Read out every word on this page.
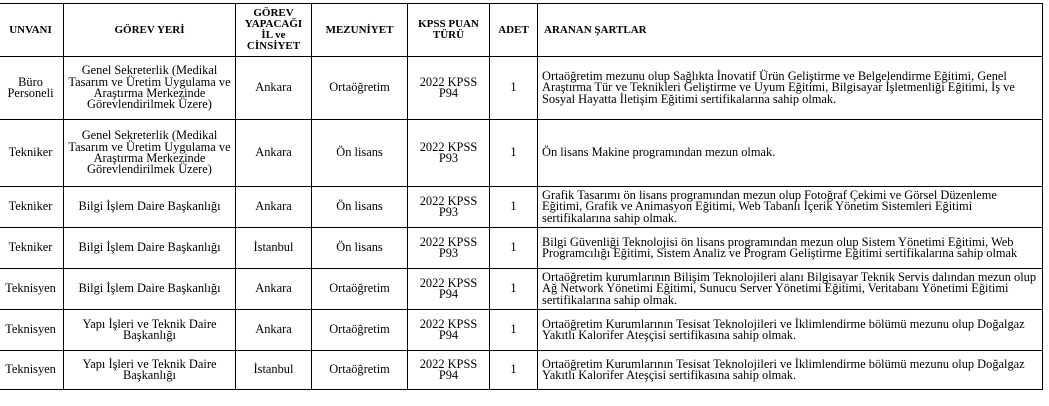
UNVANI	GÖREV YERİ	GÖREV YAPACAĞI İL ve CİNSİYET	MEZUNİYET	KPSS PUAN TÜRÜ	ADET	ARANAN ŞARTLAR
Büro Personeli	Genel Sekreterlik (Medikal Tasarım ve Üretim Uygulama ve Araştırma Merkezinde Görevlendirilmek Üzere)	Ankara	Ortaöğretim	2022 KPSS P94	1	Ortaöğretim mezunu olup Sağlıkta İnovatif Ürün Geliştirme ve Belgelendirme Eğitimi, Genel Araştırma Tür ve Teknikleri Geliştirme ve Uyum Eğitimi, Bilgisayar İşletmenliği Eğitimi, İş ve Sosyal Hayatta İletişim Eğitimi sertifikalarına sahip olmak.
Tekniker	Genel Sekreterlik (Medikal Tasarım ve Üretim Uygulama ve Araştırma Merkezinde Görevlendirilmek Üzere)	Ankara	Ön lisans	2022 KPSS P93	1	Ön lisans Makine programından mezun olmak.
Tekniker	Bilgi İşlem Daire Başkanlığı	Ankara	Ön lisans	2022 KPSS P93	1	Grafik Tasarımı ön lisans programından mezun olup Fotoğraf Çekimi ve Görsel Düzenleme Eğitimi, Grafik ve Animasyon Eğitimi, Web Tabanlı İçerik Yönetim Sistemleri Eğitimi sertifikalarına sahip olmak.
Tekniker	Bilgi İşlem Daire Başkanlığı	İstanbul	Ön lisans	2022 KPSS P93	1	Bilgi Güvenliği Teknolojisi ön lisans programından mezun olup Sistem Yönetimi Eğitimi, Web Programcılığı Eğitimi, Sistem Analiz ve Program Geliştirme Eğitimi sertifikalarına sahip olmak
Teknisyen	Bilgi İşlem Daire Başkanlığı	Ankara	Ortaöğretim	2022 KPSS P94	1	Ortaöğretim kurumlarının Bilişim Teknolojileri alanı Bilgisayar Teknik Servis dalından mezun olup Ağ Network Yönetimi Eğitimi, Sunucu Server Yönetimi Eğitimi, Veritabanı Yönetimi Eğitimi sertifikalarına sahip olmak.
Teknisyen	Yapı İşleri ve Teknik Daire Başkanlığı	Ankara	Ortaöğretim	2022 KPSS P94	1	Ortaöğretim Kurumlarının Tesisat Teknolojileri ve İklimlendirme bölümü mezunu olup Doğalgaz Yakıtlı Kalorifer Ateşçisi sertifikasına sahip olmak.
Teknisyen	Yapı İşleri ve Teknik Daire Başkanlığı	İstanbul	Ortaöğretim	2022 KPSS P94	1	Ortaöğretim Kurumlarının Tesisat Teknolojileri ve İklimlendirme bölümü mezunu olup Doğalgaz Yakıtlı Kalorifer Ateşçisi sertifikasına sahip olmak.
